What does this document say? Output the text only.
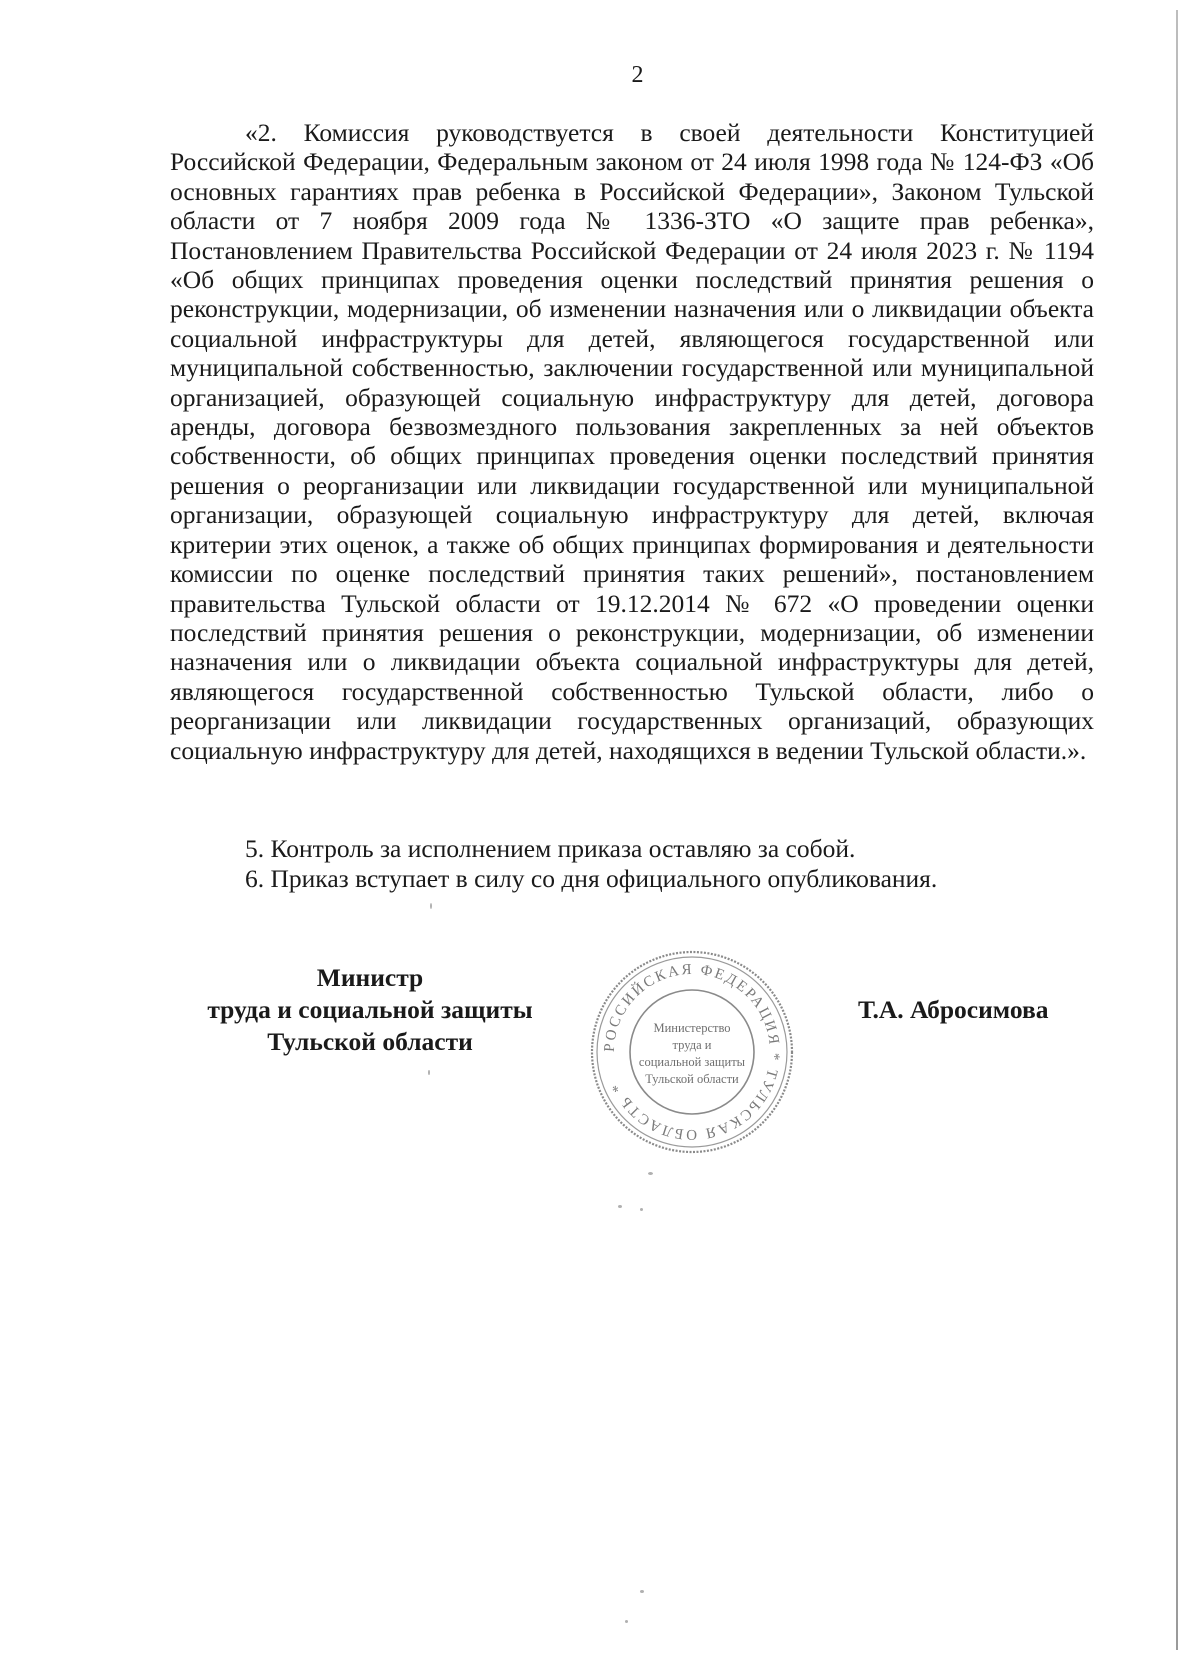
2

«2. Комиссия руководствуется в своей деятельности Конституцией Российской Федерации, Федеральным законом от 24 июля 1998 года № 124-ФЗ «Об основных гарантиях прав ребенка в Российской Федерации», Законом Тульской области от 7 ноября 2009 года № 1336-ЗТО «О защите прав ребенка», Постановлением Правительства Российской Федерации от 24 июля 2023 г. № 1194 «Об общих принципах проведения оценки последствий принятия решения о реконструкции, модернизации, об изменении назначения или о ликвидации объекта социальной инфраструктуры для детей, являющегося государственной или муниципальной собственностью, заключении государственной или муниципальной организацией, образующей социальную инфраструктуру для детей, договора аренды, договора безвозмездного пользования закрепленных за ней объектов собственности, об общих принципах проведения оценки последствий принятия решения о реорганизации или ликвидации государственной или муниципальной организации, образующей социальную инфраструктуру для детей, включая критерии этих оценок, а также об общих принципах формирования и деятельности комиссии по оценке последствий принятия таких решений», постановлением правительства Тульской области от 19.12.2014 № 672 «О проведении оценки последствий принятия решения о реконструкции, модернизации, об изменении назначения или о ликвидации объекта социальной инфраструктуры для детей, являющегося государственной собственностью Тульской области, либо о реорганизации или ликвидации государственных организаций, образующих социальную инфраструктуру для детей, находящихся в ведении Тульской области.».

5. Контроль за исполнением приказа оставляю за собой.

6. Приказ вступает в силу со дня официального опубликования.

Министр
труда и социальной защиты
Тульской области
Т.А. Абросимова
РОССИЙСКАЯ ФЕДЕРАЦИЯ * ТУЛЬСКАЯ ОБЛАСТЬ *
Министерство
труда и
социальной защиты
Тульской области
